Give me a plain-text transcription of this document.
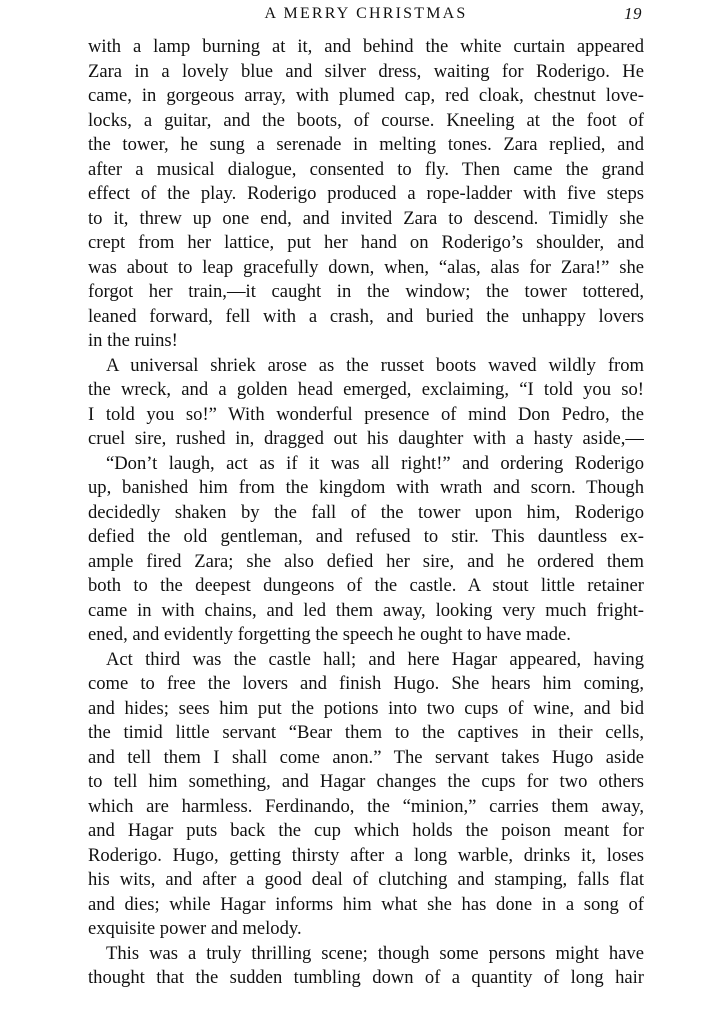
A MERRY CHRISTMAS	19
with a lamp burning at it, and behind the white curtain appeared
Zara in a lovely blue and silver dress, waiting for Roderigo. He
came, in gorgeous array, with plumed cap, red cloak, chestnut love-
locks, a guitar, and the boots, of course. Kneeling at the foot of
the tower, he sung a serenade in melting tones. Zara replied, and
after a musical dialogue, consented to fly. Then came the grand
effect of the play. Roderigo produced a rope-ladder with five steps
to it, threw up one end, and invited Zara to descend. Timidly she
crept from her lattice, put her hand on Roderigo’s shoulder, and
was about to leap gracefully down, when, “alas, alas for Zara!” she
forgot her train,—it caught in the window; the tower tottered,
leaned forward, fell with a crash, and buried the unhappy lovers
in the ruins!
A universal shriek arose as the russet boots waved wildly from
the wreck, and a golden head emerged, exclaiming, “I told you so!
I told you so!” With wonderful presence of mind Don Pedro, the
cruel sire, rushed in, dragged out his daughter with a hasty aside,—
“Don’t laugh, act as if it was all right!” and ordering Roderigo
up, banished him from the kingdom with wrath and scorn. Though
decidedly shaken by the fall of the tower upon him, Roderigo
defied the old gentleman, and refused to stir. This dauntless ex-
ample fired Zara; she also defied her sire, and he ordered them
both to the deepest dungeons of the castle. A stout little retainer
came in with chains, and led them away, looking very much fright-
ened, and evidently forgetting the speech he ought to have made.
Act third was the castle hall; and here Hagar appeared, having
come to free the lovers and finish Hugo. She hears him coming,
and hides; sees him put the potions into two cups of wine, and bid
the timid little servant “Bear them to the captives in their cells,
and tell them I shall come anon.” The servant takes Hugo aside
to tell him something, and Hagar changes the cups for two others
which are harmless. Ferdinando, the “minion,” carries them away,
and Hagar puts back the cup which holds the poison meant for
Roderigo. Hugo, getting thirsty after a long warble, drinks it, loses
his wits, and after a good deal of clutching and stamping, falls flat
and dies; while Hagar informs him what she has done in a song of
exquisite power and melody.
This was a truly thrilling scene; though some persons might have
thought that the sudden tumbling down of a quantity of long hair
